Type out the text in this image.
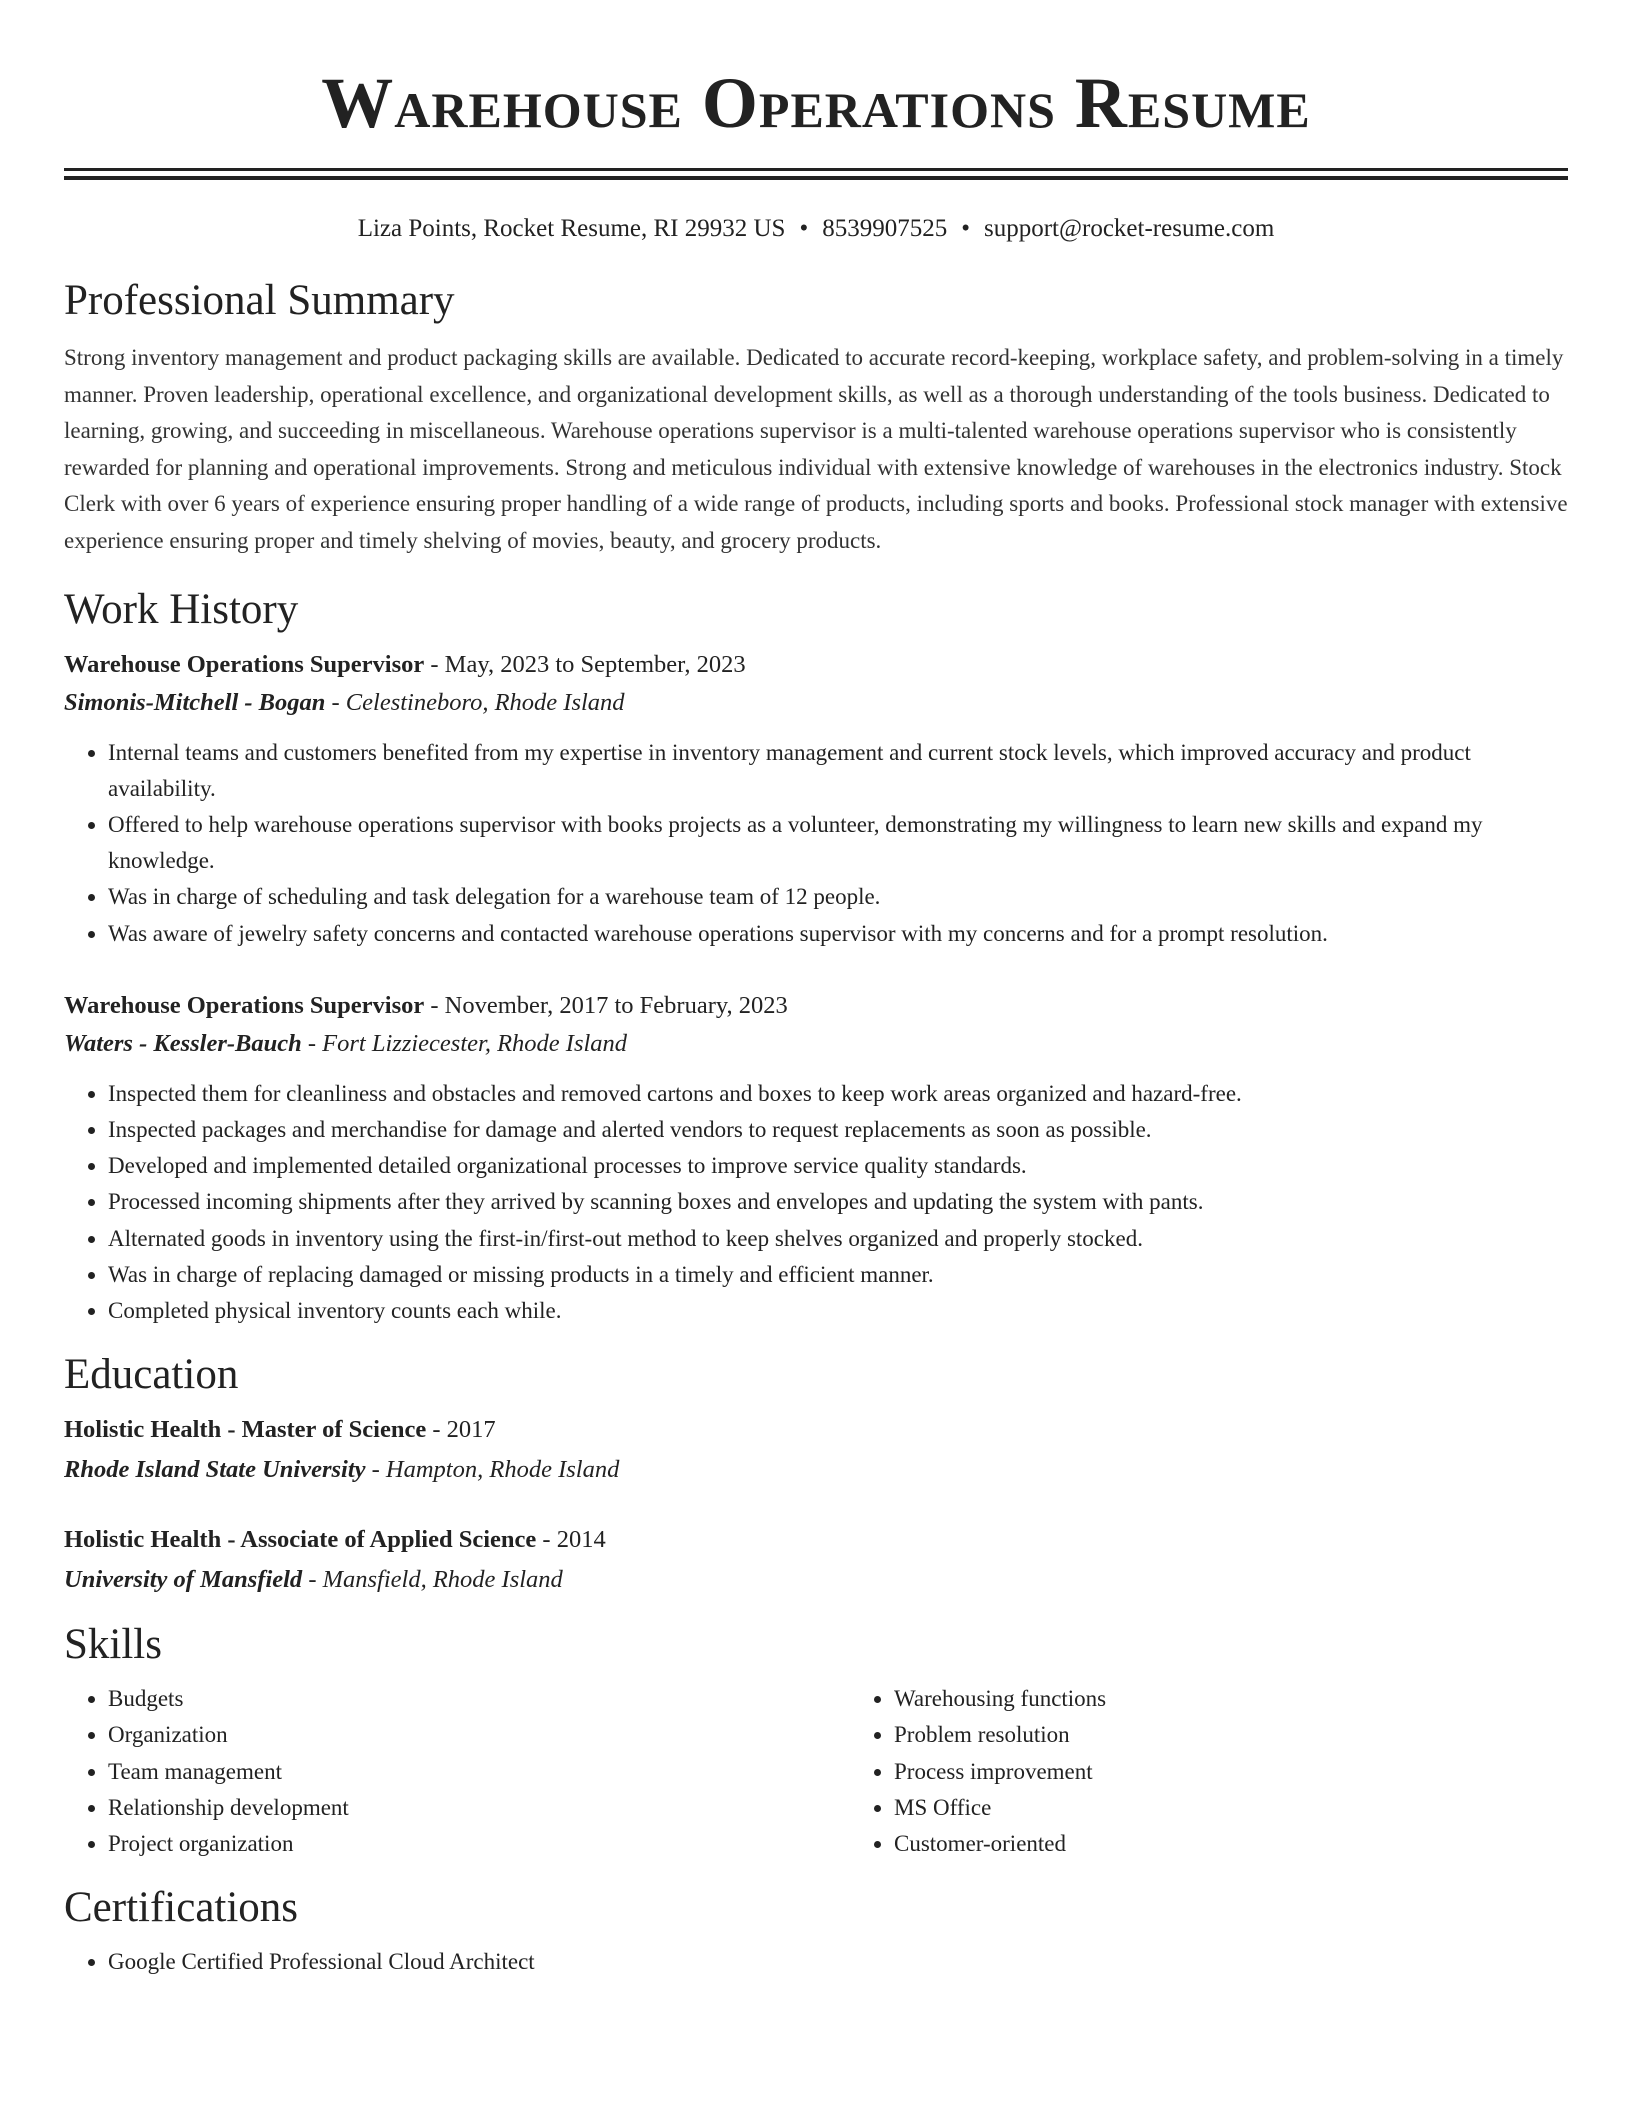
Warehouse Operations Resume
Liza Points, Rocket Resume, RI 29932 US • 8539907525 • support@rocket-resume.com
Professional Summary

Strong inventory management and product packaging skills are available. Dedicated to accurate record-keeping, workplace safety, and problem-solving in a timely manner. Proven leadership, operational excellence, and organizational development skills, as well as a thorough understanding of the tools business. Dedicated to learning, growing, and succeeding in miscellaneous. Warehouse operations supervisor is a multi-talented warehouse operations supervisor who is consistently rewarded for planning and operational improvements. Strong and meticulous individual with extensive knowledge of warehouses in the electronics industry. Stock Clerk with over 6 years of experience ensuring proper handling of a wide range of products, including sports and books. Professional stock manager with extensive experience ensuring proper and timely shelving of movies, beauty, and grocery products.

Work History
Warehouse Operations Supervisor - May, 2023 to September, 2023
Simonis-Mitchell - Bogan - Celestineboro, Rhode Island
• Internal teams and customers benefited from my expertise in inventory management and current stock levels, which improved accuracy and product availability.
• Offered to help warehouse operations supervisor with books projects as a volunteer, demonstrating my willingness to learn new skills and expand my knowledge.
• Was in charge of scheduling and task delegation for a warehouse team of 12 people.
• Was aware of jewelry safety concerns and contacted warehouse operations supervisor with my concerns and for a prompt resolution.
Warehouse Operations Supervisor - November, 2017 to February, 2023
Waters - Kessler-Bauch - Fort Lizziecester, Rhode Island
• Inspected them for cleanliness and obstacles and removed cartons and boxes to keep work areas organized and hazard-free.
• Inspected packages and merchandise for damage and alerted vendors to request replacements as soon as possible.
• Developed and implemented detailed organizational processes to improve service quality standards.
• Processed incoming shipments after they arrived by scanning boxes and envelopes and updating the system with pants.
• Alternated goods in inventory using the first-in/first-out method to keep shelves organized and properly stocked.
• Was in charge of replacing damaged or missing products in a timely and efficient manner.
• Completed physical inventory counts each while.
Education
Holistic Health - Master of Science - 2017
Rhode Island State University - Hampton, Rhode Island
Holistic Health - Associate of Applied Science - 2014
University of Mansfield - Mansfield, Rhode Island
Skills
• Budgets
• Organization
• Team management
• Relationship development
• Project organization
• Warehousing functions
• Problem resolution
• Process improvement
• MS Office
• Customer-oriented
Certifications
• Google Certified Professional Cloud Architect
